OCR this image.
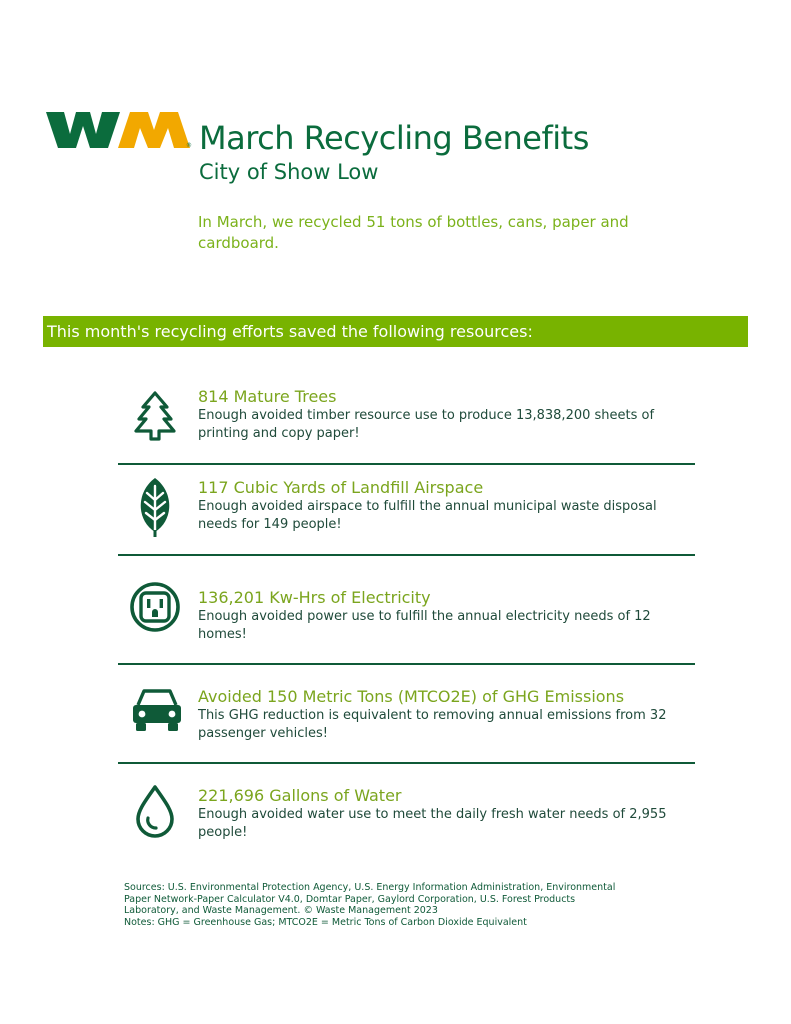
® March Recycling Benefits
City of Show Low

In March, we recycled 51 tons of bottles, cans, paper and cardboard.

This month's recycling efforts saved the following resources:
814 Mature Trees
Enough avoided timber resource use to produce 13,838,200 sheets of printing and copy paper!
117 Cubic Yards of Landfill Airspace
Enough avoided airspace to fulfill the annual municipal waste disposal needs for 149 people!
136,201 Kw-Hrs of Electricity
Enough avoided power use to fulfill the annual electricity needs of 12 homes!
Avoided 150 Metric Tons (MTCO2E) of GHG Emissions
This GHG reduction is equivalent to removing annual emissions from 32 passenger vehicles!
221,696 Gallons of Water
Enough avoided water use to meet the daily fresh water needs of 2,955 people!

Sources: U.S. Environmental Protection Agency, U.S. Energy Information Administration, Environmental Paper Network-Paper Calculator V4.0, Domtar Paper, Gaylord Corporation, U.S. Forest Products Laboratory, and Waste Management. © Waste Management 2023

Notes: GHG = Greenhouse Gas; MTCO2E = Metric Tons of Carbon Dioxide Equivalent
